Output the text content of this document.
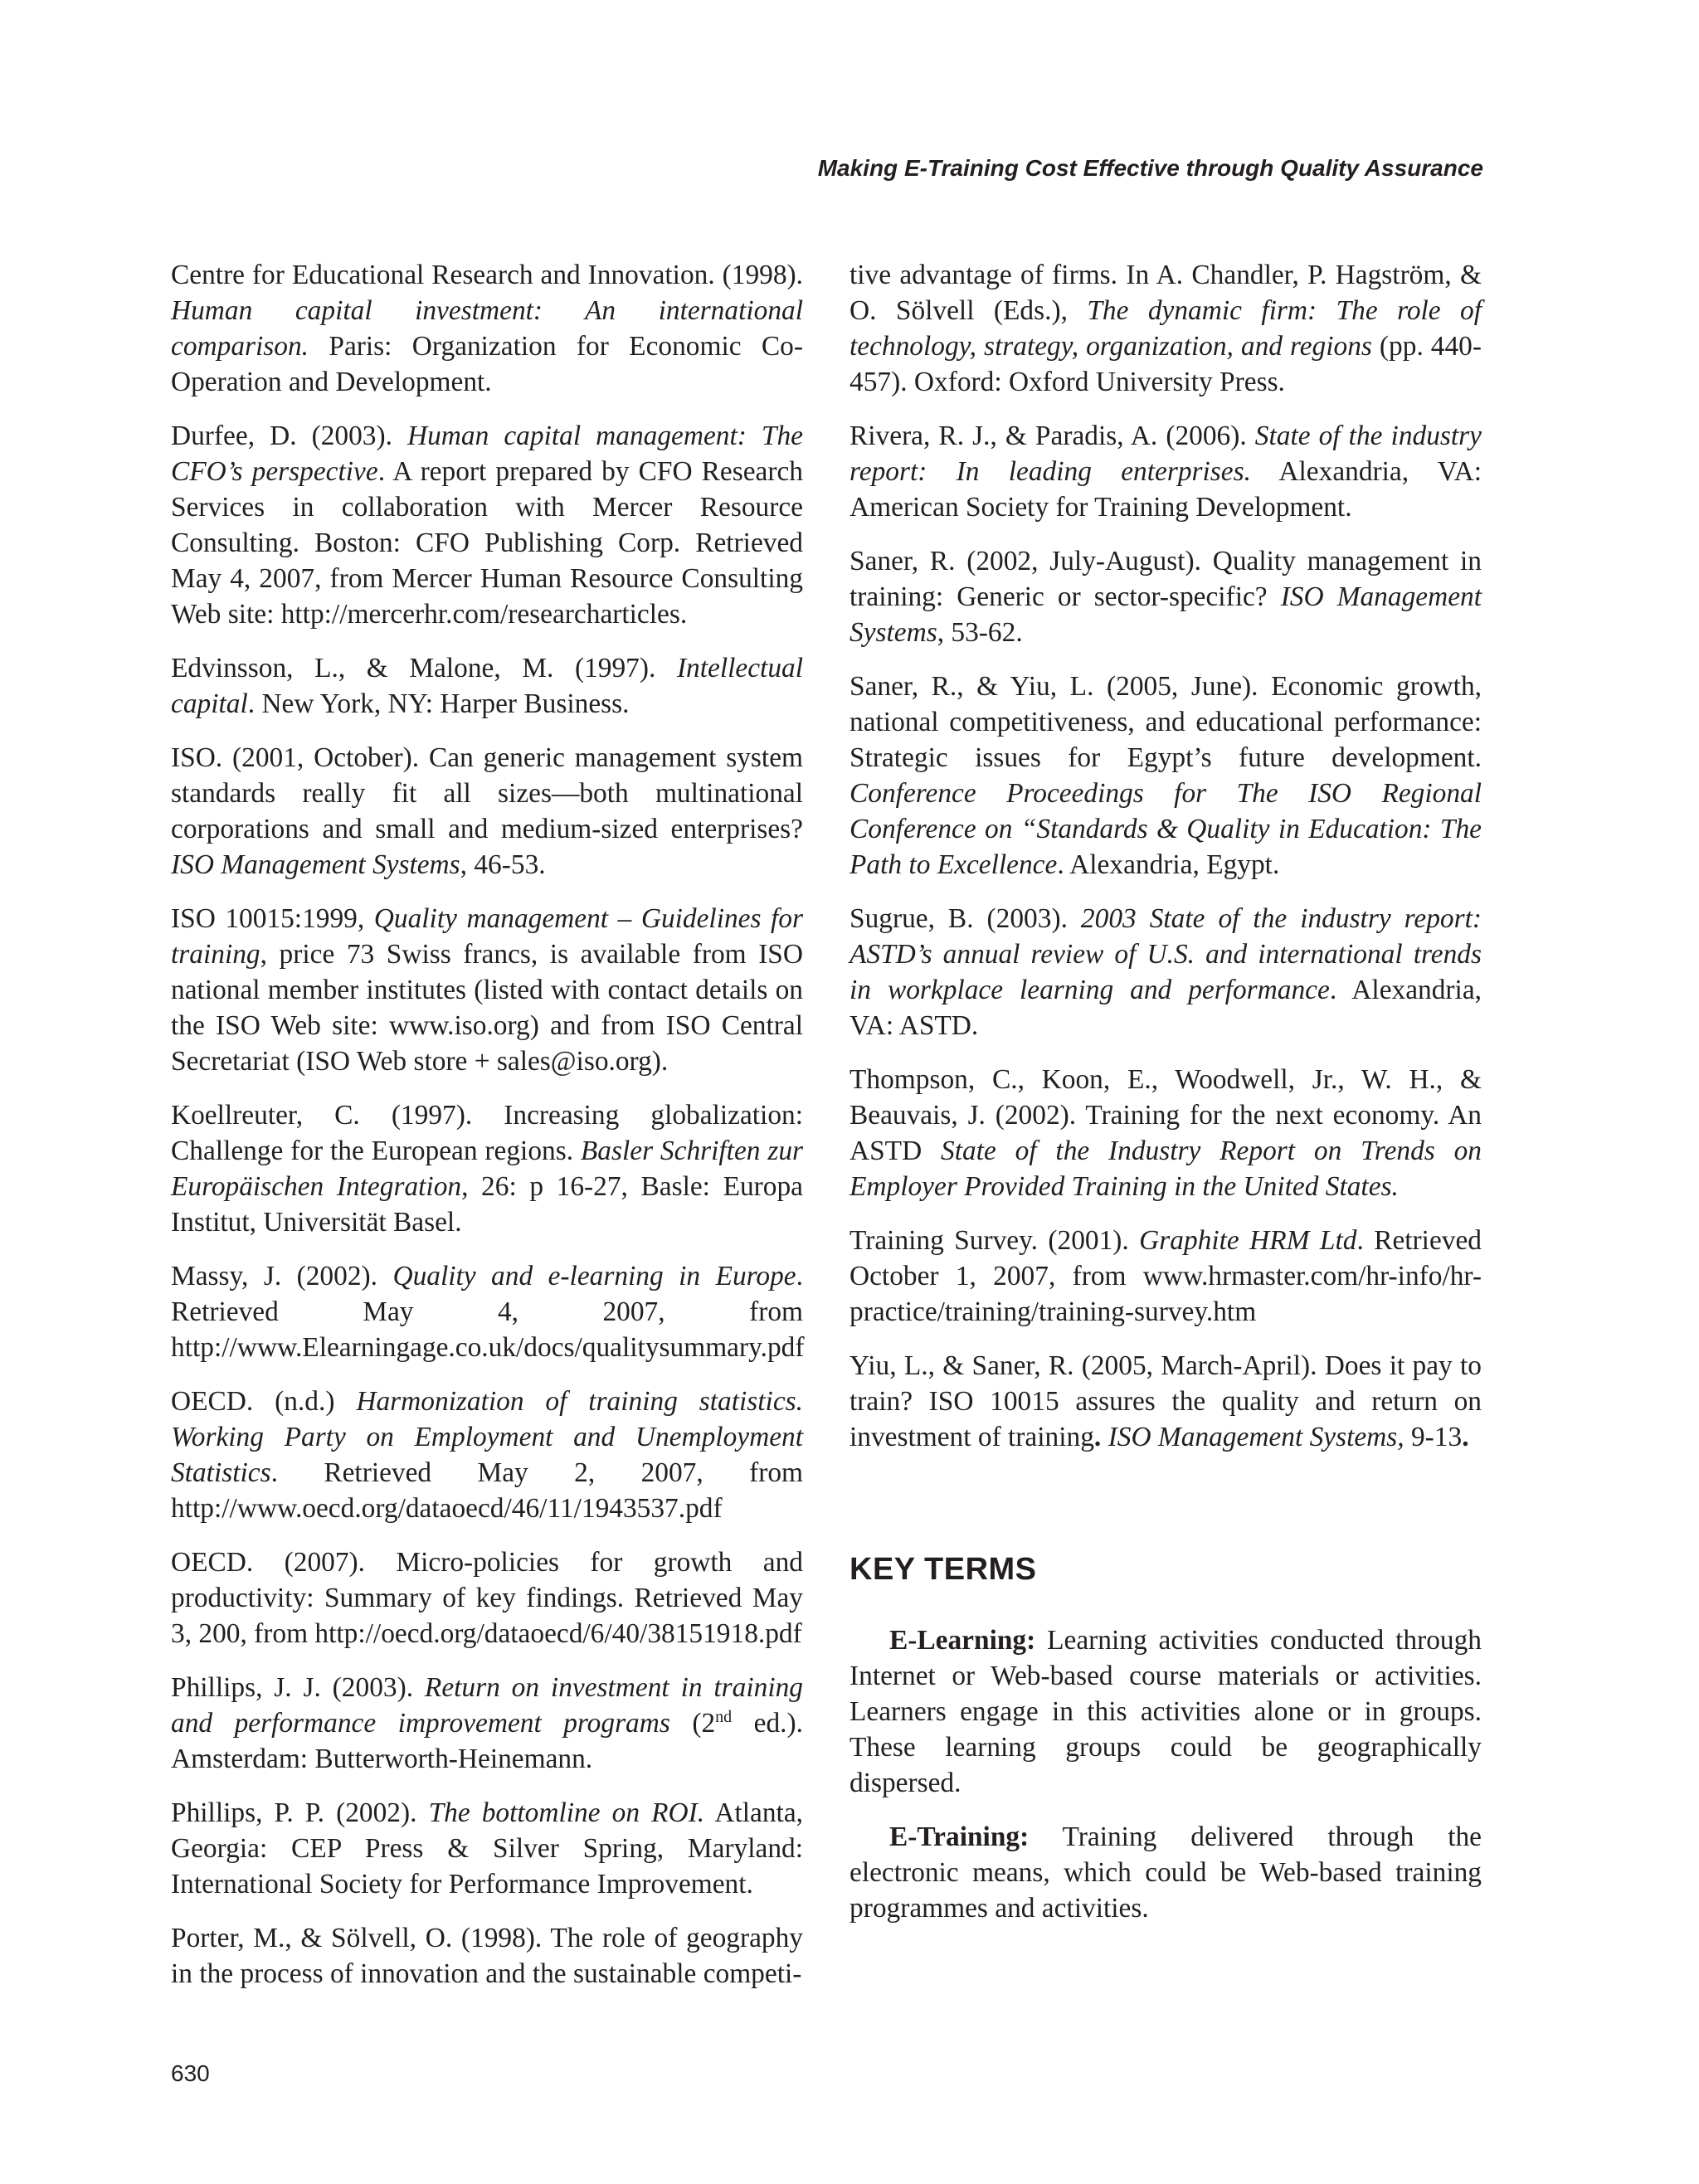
Making E-Training Cost Effective through Quality Assurance

Centre for Educational Research and Innovation. (1998). Human capital investment: An international comparison. Paris: Organization for Economic Co-Operation and Development.

Durfee, D. (2003). Human capital management: The CFO’s perspective. A report prepared by CFO Research Services in collaboration with Mercer Resource Consulting. Boston: CFO Publishing Corp. Retrieved May 4, 2007, from Mercer Human Resource Consulting Web site: http://mercerhr.com/researcharticles.

Edvinsson, L., & Malone, M. (1997). Intellectual capital. New York, NY: Harper Business.

ISO. (2001, October). Can generic management system standards really fit all sizes—both multinational corporations and small and medium-sized enterprises? ISO Management Systems, 46-53.

ISO 10015:1999, Quality management – Guidelines for training, price 73 Swiss francs, is available from ISO national member institutes (listed with contact details on the ISO Web site: www.iso.org) and from ISO Central Secretariat (ISO Web store + sales@iso.org).

Koellreuter, C. (1997). Increasing globalization: Challenge for the European regions. Basler Schriften zur Europäischen Integration, 26: p 16-27, Basle: Europa Institut, Universität Basel.

Massy, J. (2002). Quality and e-learning in Europe. Retrieved May 4, 2007, from http://www.Elearningage.co.uk/docs/qualitysummary.pdf

OECD. (n.d.) Harmonization of training statistics. Working Party on Employment and Unemployment Statistics. Retrieved May 2, 2007, from http://www.oecd.org/dataoecd/46/11/1943537.pdf

OECD. (2007). Micro-policies for growth and productivity: Summary of key findings. Retrieved May 3, 200, from http://oecd.org/dataoecd/6/40/38151918.pdf

Phillips, J. J. (2003). Return on investment in training and performance improvement programs (2nd ed.). Amsterdam: Butterworth-Heinemann.

Phillips, P. P. (2002). The bottomline on ROI. Atlanta, Georgia: CEP Press & Silver Spring, Maryland: International Society for Performance Improvement.

Porter, M., & Sölvell, O. (1998). The role of geography in the process of innovation and the sustainable competi-

tive advantage of firms. In A. Chandler, P. Hagström, & O. Sölvell (Eds.), The dynamic firm: The role of technology, strategy, organization, and regions (pp. 440-457). Oxford: Oxford University Press.

Rivera, R. J., & Paradis, A. (2006). State of the industry report: In leading enterprises. Alexandria, VA: American Society for Training Development.

Saner, R. (2002, July-August). Quality management in training: Generic or sector-specific? ISO Management Systems, 53-62.

Saner, R., & Yiu, L. (2005, June). Economic growth, national competitiveness, and educational performance: Strategic issues for Egypt’s future development. Conference Proceedings for The ISO Regional Conference on “Standards & Quality in Education: The Path to Excellence. Alexandria, Egypt.

Sugrue, B. (2003). 2003 State of the industry report: ASTD’s annual review of U.S. and international trends in workplace learning and performance. Alexandria, VA: ASTD.

Thompson, C., Koon, E., Woodwell, Jr., W. H., & Beauvais, J. (2002). Training for the next economy. An ASTD State of the Industry Report on Trends on Employer Provided Training in the United States.

Training Survey. (2001). Graphite HRM Ltd. Retrieved October 1, 2007, from www.hrmaster.com/hr-info/hr-practice/training/training-survey.htm

Yiu, L., & Saner, R. (2005, March-April). Does it pay to train? ISO 10015 assures the quality and return on investment of training. ISO Management Systems, 9-13.

KEY TERMS

E-Learning: Learning activities conducted through Internet or Web-based course materials or activities. Learners engage in this activities alone or in groups. These learning groups could be geographically dispersed.

E-Training: Training delivered through the electronic means, which could be Web-based training programmes and activities.

630
